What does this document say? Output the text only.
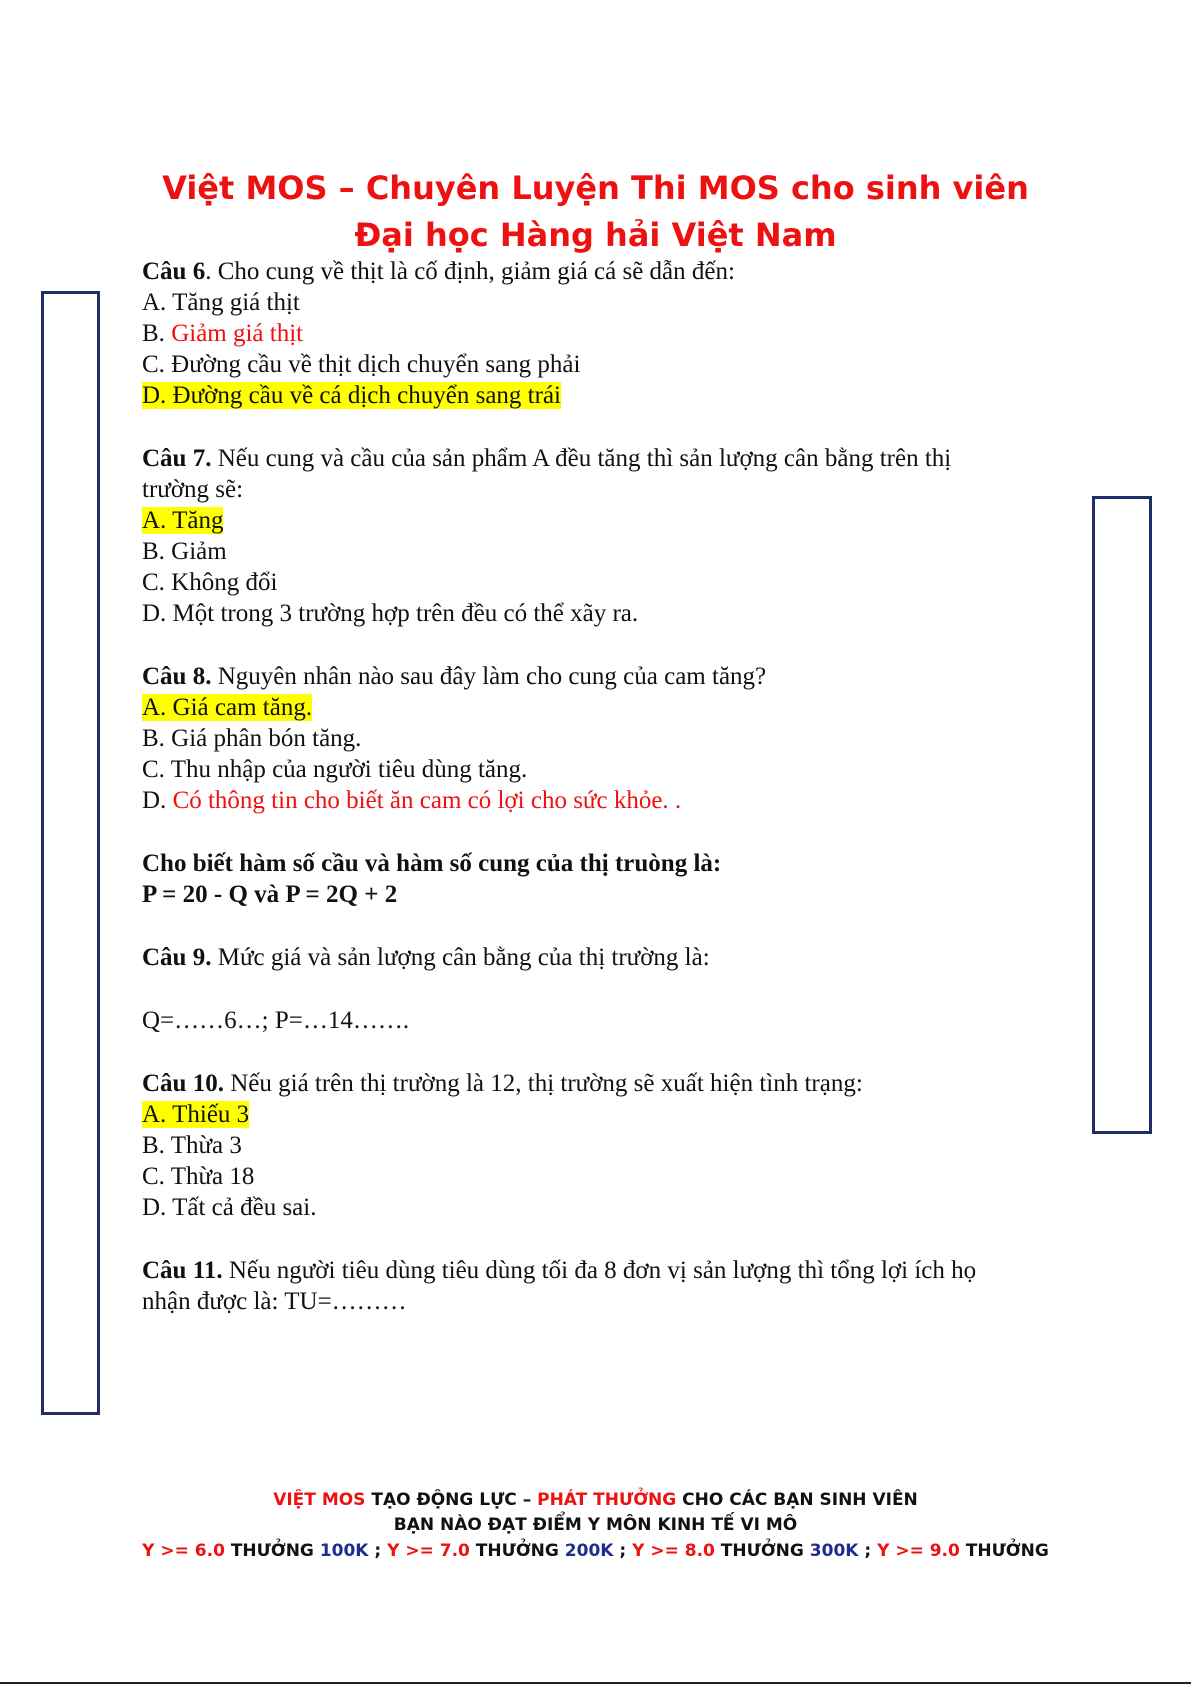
Việt MOS – Chuyên Luyện Thi MOS cho sinh viên
Đại học Hàng hải Việt Nam
Câu 6. Cho cung về thịt là cố định, giảm giá cá sẽ dẫn đến:
A. Tăng giá thịt
B. Giảm giá thịt
C. Đường cầu về thịt dịch chuyển sang phải
D. Đường cầu về cá dịch chuyển sang trái
Câu 7. Nếu cung và cầu của sản phẩm A đều tăng thì sản lượng cân bằng trên thị
trường sẽ:
A. Tăng
B. Giảm
C. Không đổi
D. Một trong 3 trường hợp trên đều có thể xãy ra.
Câu 8. Nguyên nhân nào sau đây làm cho cung của cam tăng?
A. Giá cam tăng.
B. Giá phân bón tăng.
C. Thu nhập của người tiêu dùng tăng.
D. Có thông tin cho biết ăn cam có lợi cho sức khỏe. .
Cho biết hàm số cầu và hàm số cung của thị truòng là:
P = 20 - Q và P = 2Q + 2
Câu 9. Mức giá và sản lượng cân bằng của thị trường là:
Q=……6…; P=…14…….
Câu 10. Nếu giá trên thị trường là 12, thị trường sẽ xuất hiện tình trạng:
A. Thiếu 3
B. Thừa 3
C. Thừa 18
D. Tất cả đều sai.
Câu 11. Nếu người tiêu dùng tiêu dùng tối đa 8 đơn vị sản lượng thì tổng lợi ích họ
nhận được là: TU=………
VIỆT MOS TẠO ĐỘNG LỰC – PHÁT THƯỞNG CHO CÁC BẠN SINH VIÊN
BẠN NÀO ĐẠT ĐIỂM Y MÔN KINH TẾ VI MÔ
Y >= 6.0 THƯỞNG 100K ; Y >= 7.0 THƯỞNG 200K ; Y >= 8.0 THƯỞNG 300K ; Y >= 9.0 THƯỞNG
